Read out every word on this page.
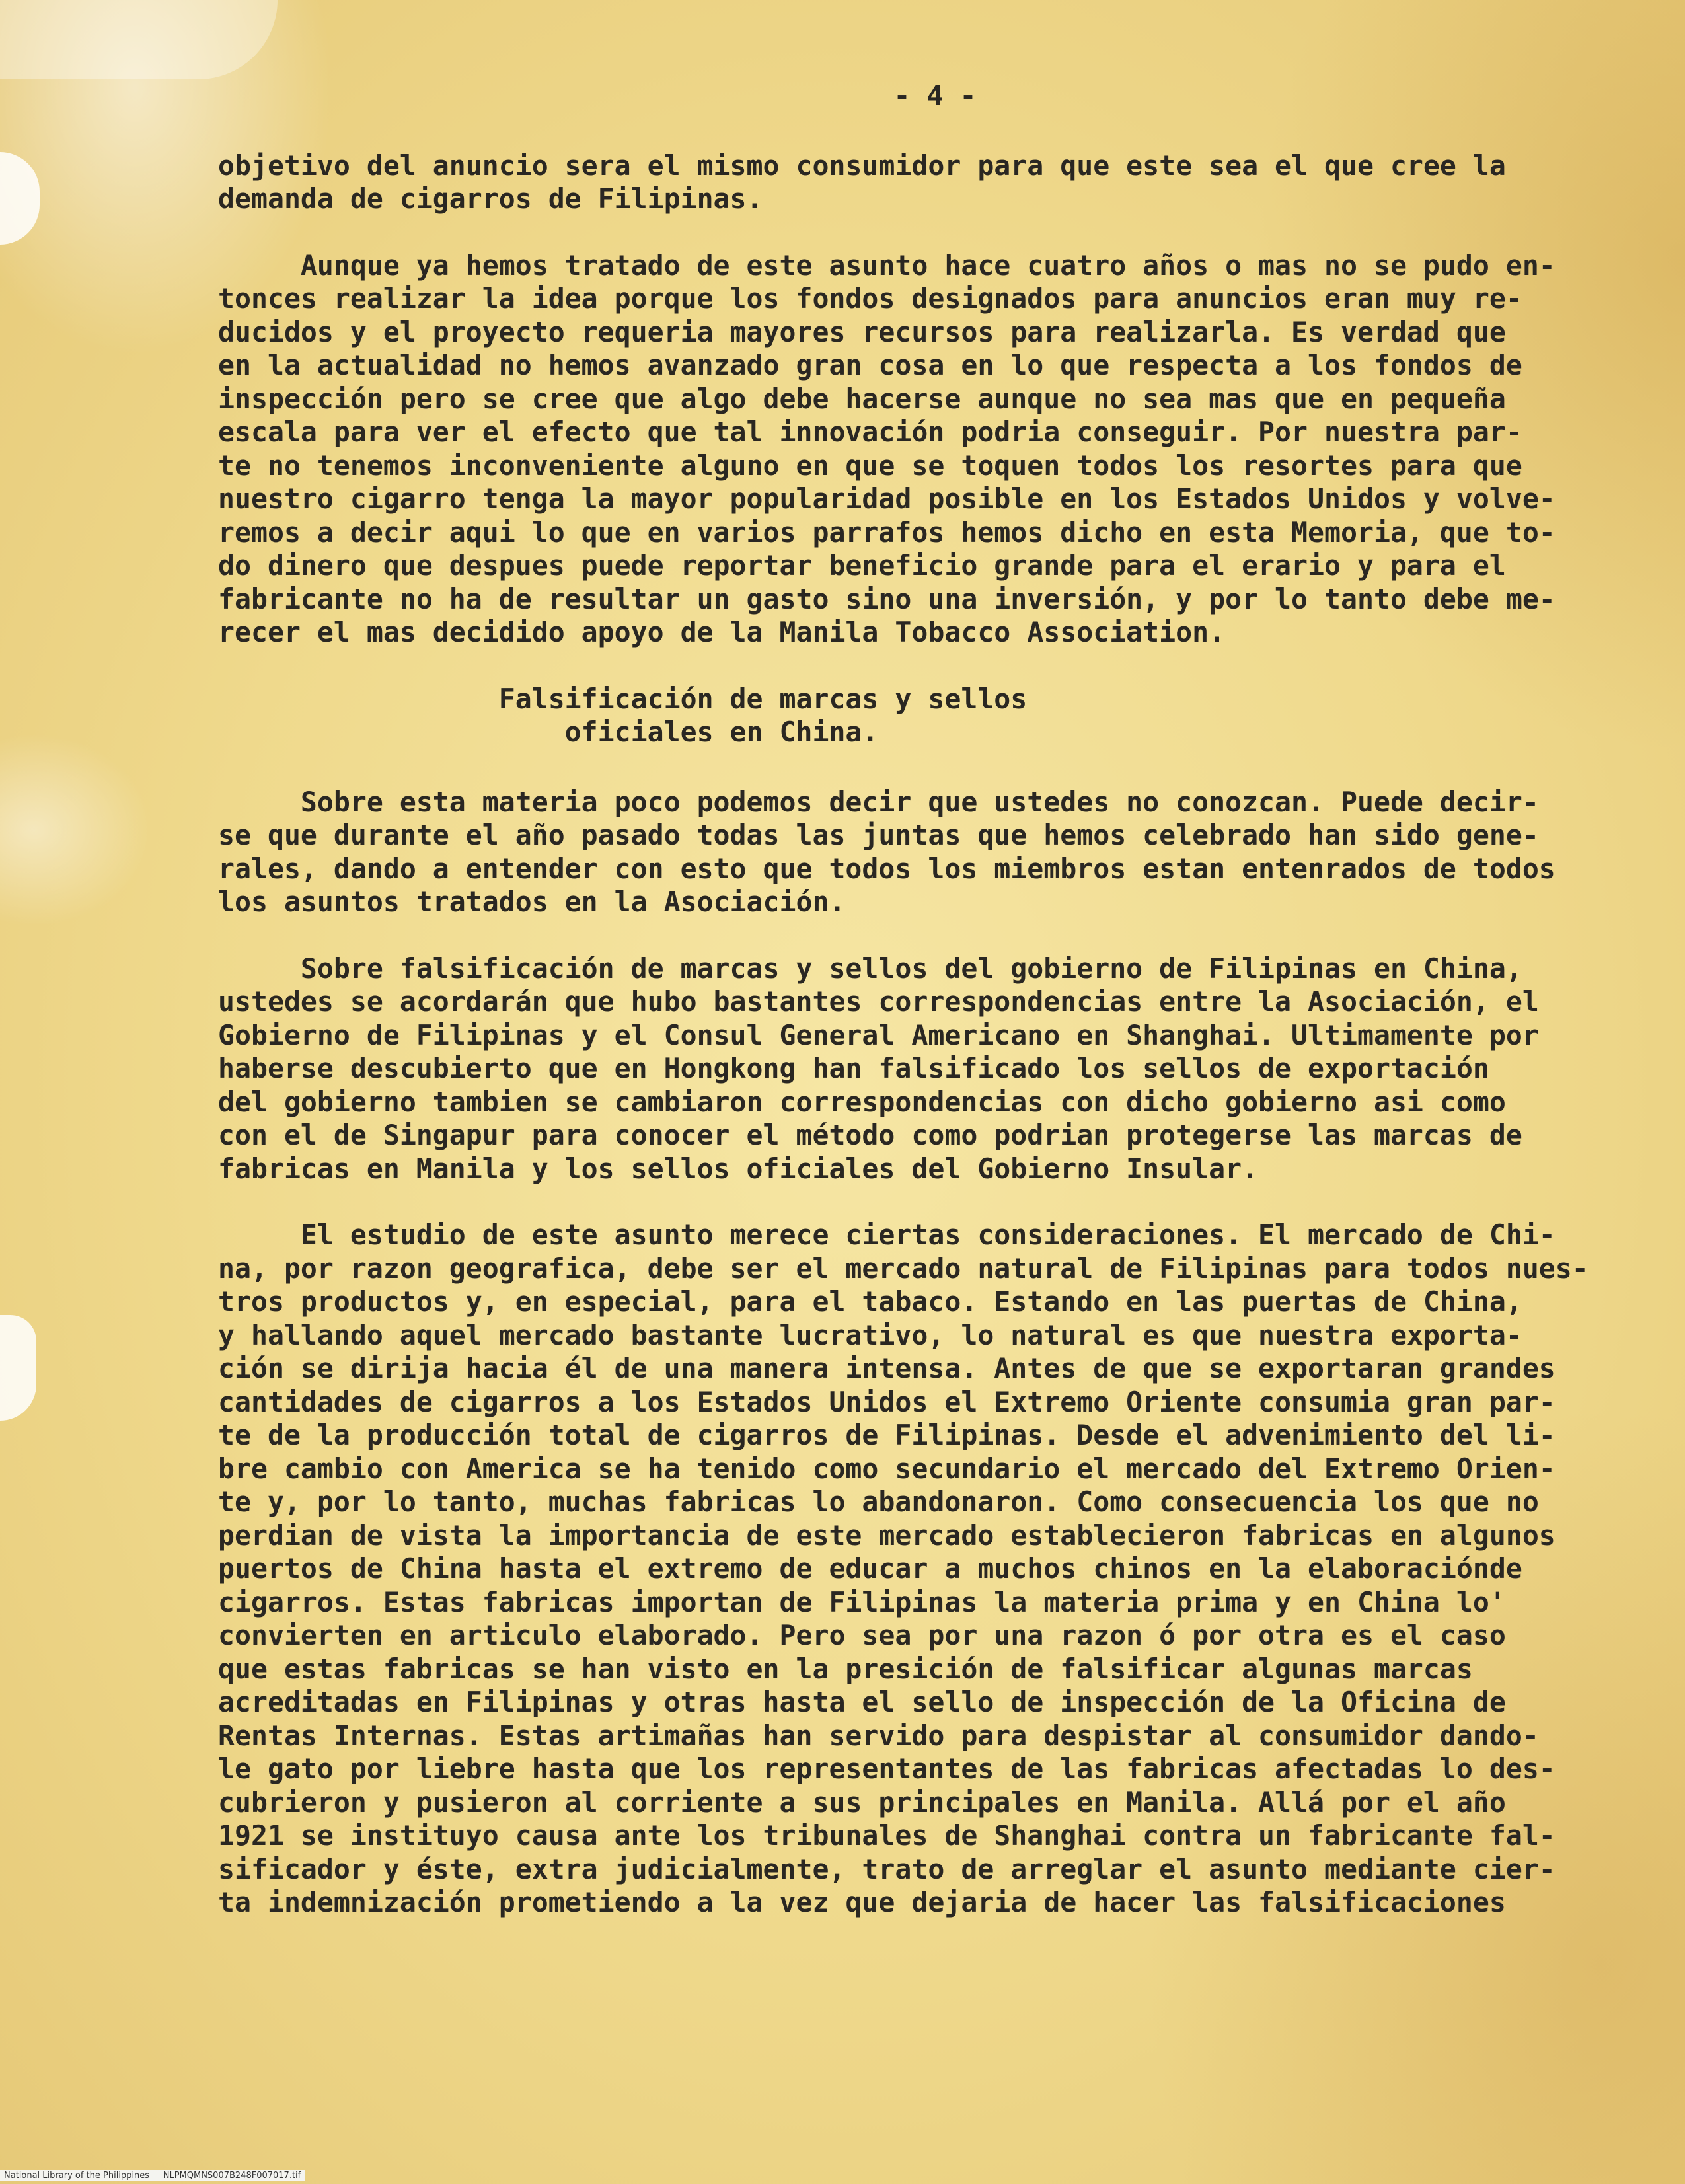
- 4 -
objetivo del anuncio sera el mismo consumidor para que este sea el que cree la
demanda de cigarros de Filipinas.
Aunque ya hemos tratado de este asunto hace cuatro años o mas no se pudo en-
tonces realizar la idea porque los fondos designados para anuncios eran muy re-
ducidos y el proyecto requeria mayores recursos para realizarla. Es verdad que
en la actualidad no hemos avanzado gran cosa en lo que respecta a los fondos de
inspección pero se cree que algo debe hacerse aunque no sea mas que en pequeña
escala para ver el efecto que tal innovación podria conseguir. Por nuestra par-
te no tenemos inconveniente alguno en que se toquen todos los resortes para que
nuestro cigarro tenga la mayor popularidad posible en los Estados Unidos y volve-
remos a decir aqui lo que en varios parrafos hemos dicho en esta Memoria, que to-
do dinero que despues puede reportar beneficio grande para el erario y para el
fabricante no ha de resultar un gasto sino una inversión, y por lo tanto debe me-
recer el mas decidido apoyo de la Manila Tobacco Association.
Falsificación de marcas y sellos
oficiales en China.
Sobre esta materia poco podemos decir que ustedes no conozcan. Puede decir-
se que durante el año pasado todas las juntas que hemos celebrado han sido gene-
rales, dando a entender con esto que todos los miembros estan entenrados de todos
los asuntos tratados en la Asociación.
Sobre falsificación de marcas y sellos del gobierno de Filipinas en China,
ustedes se acordarán que hubo bastantes correspondencias entre la Asociación, el
Gobierno de Filipinas y el Consul General Americano en Shanghai. Ultimamente por
haberse descubierto que en Hongkong han falsificado los sellos de exportación
del gobierno tambien se cambiaron correspondencias con dicho gobierno asi como
con el de Singapur para conocer el método como podrian protegerse las marcas de
fabricas en Manila y los sellos oficiales del Gobierno Insular.
El estudio de este asunto merece ciertas consideraciones. El mercado de Chi-
na, por razon geografica, debe ser el mercado natural de Filipinas para todos nues-
tros productos y, en especial, para el tabaco. Estando en las puertas de China,
y hallando aquel mercado bastante lucrativo, lo natural es que nuestra exporta-
ción se dirija hacia él de una manera intensa. Antes de que se exportaran grandes
cantidades de cigarros a los Estados Unidos el Extremo Oriente consumia gran par-
te de la producción total de cigarros de Filipinas. Desde el advenimiento del li-
bre cambio con America se ha tenido como secundario el mercado del Extremo Orien-
te y, por lo tanto, muchas fabricas lo abandonaron. Como consecuencia los que no
perdian de vista la importancia de este mercado establecieron fabricas en algunos
puertos de China hasta el extremo de educar a muchos chinos en la elaboraciónde
cigarros. Estas fabricas importan de Filipinas la materia prima y en China lo'
convierten en articulo elaborado. Pero sea por una razon ó por otra es el caso
que estas fabricas se han visto en la presición de falsificar algunas marcas
acreditadas en Filipinas y otras hasta el sello de inspección de la Oficina de
Rentas Internas. Estas artimañas han servido para despistar al consumidor dando-
le gato por liebre hasta que los representantes de las fabricas afectadas lo des-
cubrieron y pusieron al corriente a sus principales en Manila. Allá por el año
1921 se instituyo causa ante los tribunales de Shanghai contra un fabricante fal-
sificador y éste, extra judicialmente, trato de arreglar el asunto mediante cier-
ta indemnización prometiendo a la vez que dejaria de hacer las falsificaciones
National Library of the Philippines     NLPMQMNS007B248F007017.tif
